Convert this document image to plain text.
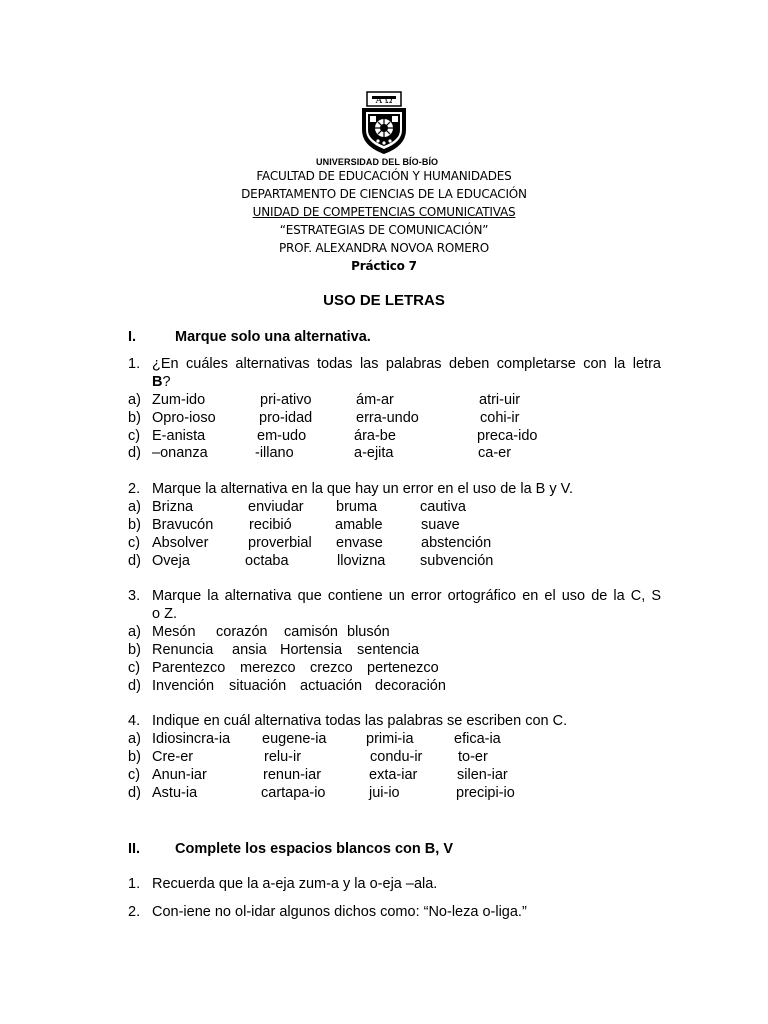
A Ω
UNIVERSIDAD DEL BÍO-BÍO
FACULTAD DE EDUCACIÓN Y HUMANIDADES
DEPARTAMENTO DE CIENCIAS DE LA EDUCACIÓN
UNIDAD DE COMPETENCIAS COMUNICATIVAS
“ESTRATEGIAS DE COMUNICACIÓN”
PROF. ALEXANDRA NOVOA ROMERO
Práctico 7
USO DE LETRAS
I.	Marque solo una alternativa.
1. ¿En cuáles alternativas todas las palabras deben completarse con la letra
B?
a) Zum-ido	pri-ativo	ám-ar	atri-uir
b) Opro-ioso	pro-idad	erra-undo	cohi-ir
c) E-anista	em-udo	ára-be	preca-ido
d) –onanza	-illano	a-ejita	ca-er
2. Marque la alternativa en la que hay un error en el uso de la B y V.
a) Brizna	enviudar bruma	cautiva
b) Bravucón recibió	amable	suave
c) Absolver	proverbial envase	abstención
d) Oveja	octaba	llovizna subvención
3. Marque la alternativa que contiene un error ortográfico en el uso de la C, S
o Z.
a) Mesón corazón camisón blusón
b) Renuncia ansia Hortensia sentencia
c) Parentezco merezco crezco pertenezco
d) Invención situación actuación decoración
4. Indique en cuál alternativa todas las palabras se escriben con C.
a) Idiosincra-ia eugene-ia	primi-ia	efica-ia
b) Cre-er	relu-ir	condu-ir to-er
c) Anun-iar	renun-iar	exta-iar	silen-iar
d) Astu-ia	cartapa-io	jui-io	precipi-io
II. Complete los espacios blancos con B, V
1. Recuerda que la a-eja zum-a y la o-eja –ala.
2. Con-iene no ol-idar algunos dichos como: “No-leza o-liga.”
